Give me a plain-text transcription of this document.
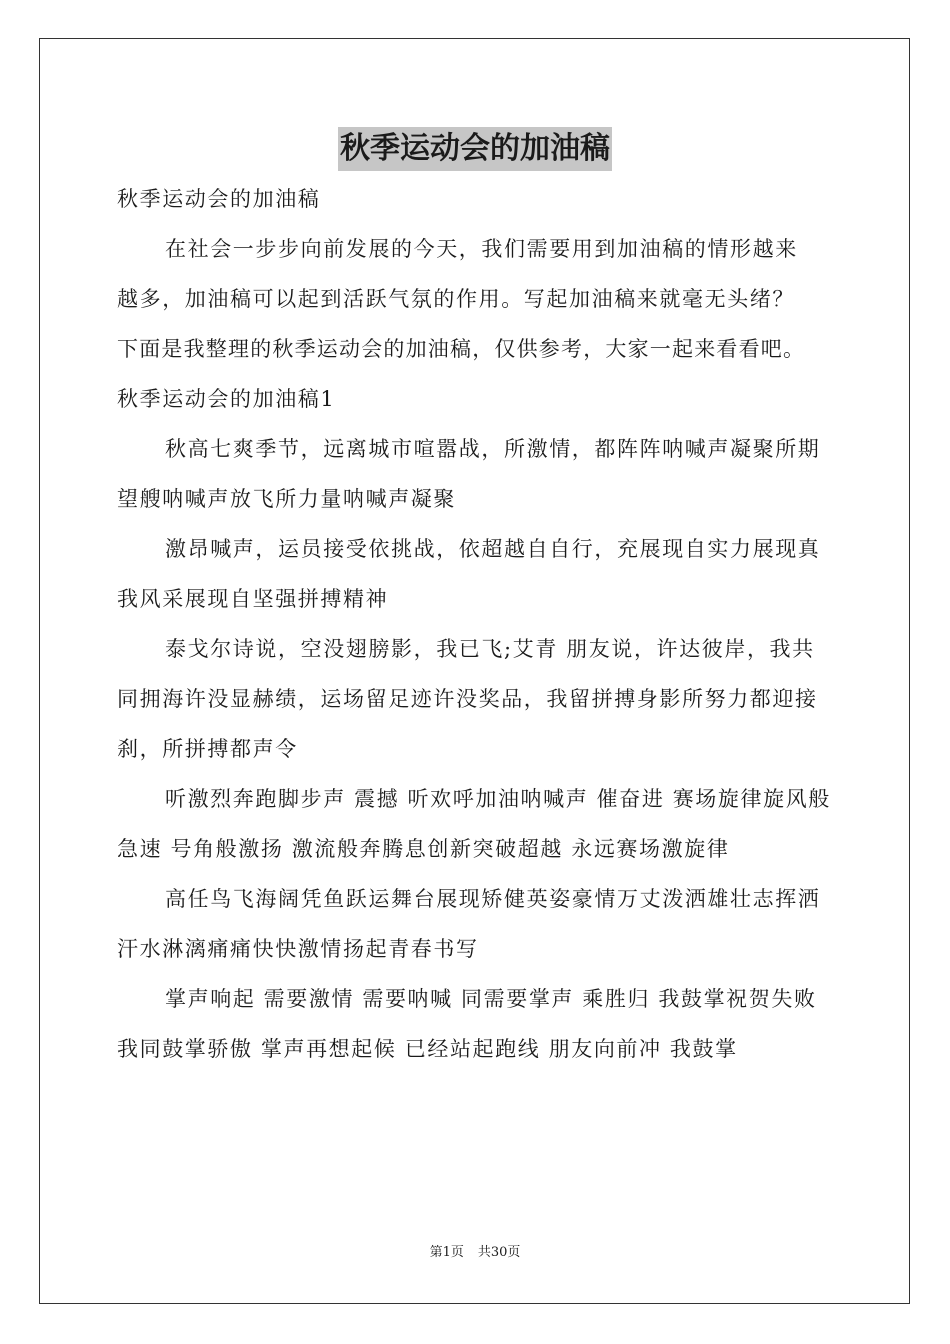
秋季运动会的加油稿
秋季运动会的加油稿
在社会一步步向前发展的今天，我们需要用到加油稿的情形越来
越多，加油稿可以起到活跃气氛的作用。写起加油稿来就毫无头绪？
下面是我整理的秋季运动会的加油稿，仅供参考，大家一起来看看吧。
秋季运动会的加油稿1

秋高七爽季节，远离城市喧嚣战，所激情，都阵阵呐喊声凝聚所期望艘呐喊声放飞所力量呐喊声凝聚

激昂喊声，运员接受依挑战，依超越自自行，充展现自实力展现真我风采展现自坚强拼搏精神

泰戈尔诗说，空没翅膀影，我已飞;艾青 朋友说，许达彼岸，我共同拥海许没显赫绩，运场留足迹许没奖品，我留拼搏身影所努力都迎接刹，所拼搏都声令

听激烈奔跑脚步声 震撼 听欢呼加油呐喊声 催奋进 赛场旋律旋风般急速 号角般激扬 激流般奔腾息创新突破超越 永远赛场激旋律

高任鸟飞海阔凭鱼跃运舞台展现矫健英姿豪情万丈泼洒雄壮志挥洒汗水淋漓痛痛快快激情扬起青春书写

掌声响起 需要激情 需要呐喊 同需要掌声 乘胜归 我鼓掌祝贺失败 我同鼓掌骄傲 掌声再想起候 已经站起跑线 朋友向前冲 我鼓掌

第1页 共30页
